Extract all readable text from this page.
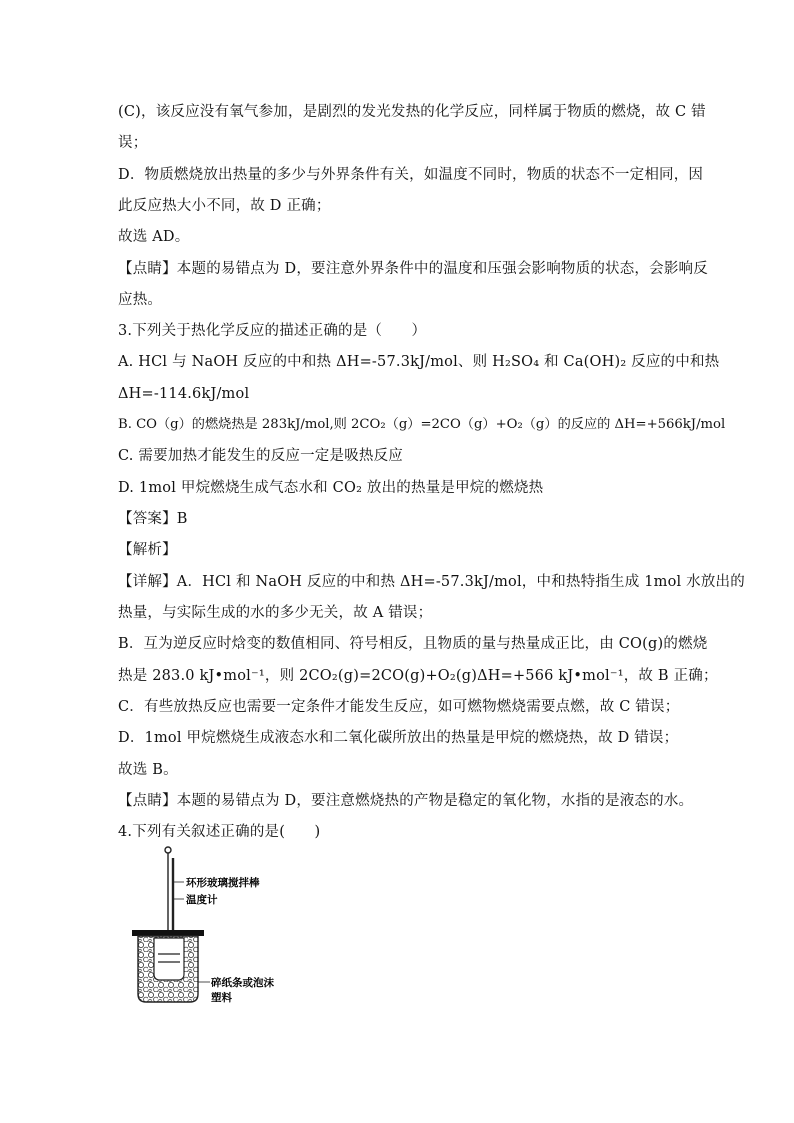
(C)，该反应没有氧气参加，是剧烈的发光发热的化学反应，同样属于物质的燃烧，故 C 错
误；
D．物质燃烧放出热量的多少与外界条件有关，如温度不同时，物质的状态不一定相同，因
此反应热大小不同，故 D 正确；
故选 AD。
【点睛】本题的易错点为 D，要注意外界条件中的温度和压强会影响物质的状态，会影响反
应热。
3.下列关于热化学反应的描述正确的是（　　）
A. HCl 与 NaOH 反应的中和热 ΔH=-57.3kJ/mol、则 H₂SO₄ 和 Ca(OH)₂ 反应的中和热
ΔH=-114.6kJ/mol
B. CO（g）的燃烧热是 283kJ/mol,则 2CO₂（g）=2CO（g）+O₂（g）的反应的 ΔH=+566kJ/mol
C. 需要加热才能发生的反应一定是吸热反应
D. 1mol 甲烷燃烧生成气态水和 CO₂ 放出的热量是甲烷的燃烧热
【答案】B
【解析】
【详解】A．HCl 和 NaOH 反应的中和热 ΔH=-57.3kJ/mol，中和热特指生成 1mol 水放出的
热量，与实际生成的水的多少无关，故 A 错误；
B．互为逆反应时焓变的数值相同、符号相反，且物质的量与热量成正比，由 CO(g)的燃烧
热是 283.0 kJ•mol⁻¹，则 2CO₂(g)=2CO(g)+O₂(g)ΔH=+566 kJ•mol⁻¹，故 B 正确；
C．有些放热反应也需要一定条件才能发生反应，如可燃物燃烧需要点燃，故 C 错误；
D．1mol 甲烷燃烧生成液态水和二氧化碳所放出的热量是甲烷的燃烧热，故 D 错误；
故选 B。
【点睛】本题的易错点为 D，要注意燃烧热的产物是稳定的氧化物，水指的是液态的水。
4.下列有关叙述正确的是(　　)
环形玻璃搅拌棒
温度计
碎纸条或泡沫
塑料
